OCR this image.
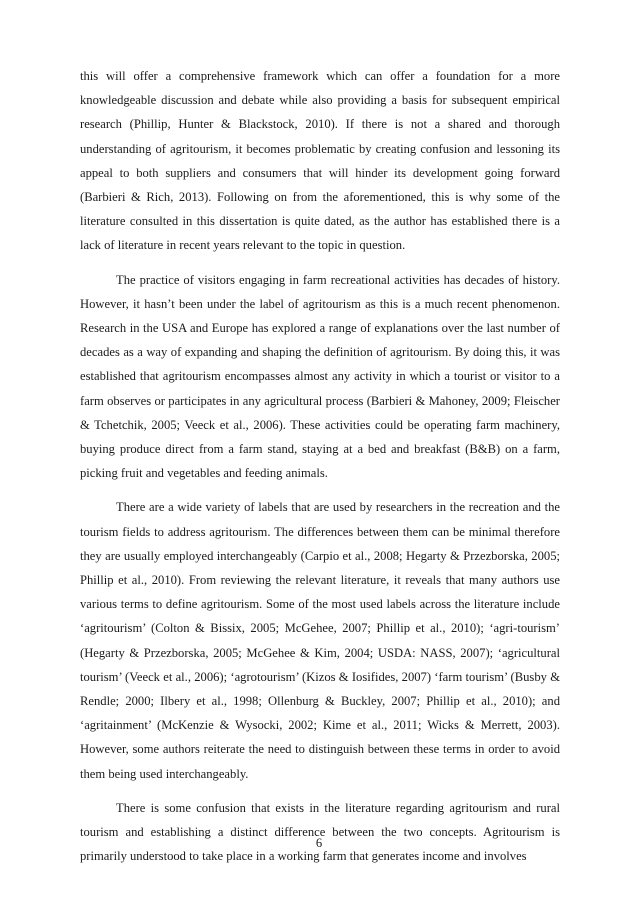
this will offer a comprehensive framework which can offer a foundation for a more knowledgeable discussion and debate while also providing a basis for subsequent empirical research (Phillip, Hunter & Blackstock, 2010). If there is not a shared and thorough understanding of agritourism, it becomes problematic by creating confusion and lessoning its appeal to both suppliers and consumers that will hinder its development going forward (Barbieri & Rich, 2013). Following on from the aforementioned, this is why some of the literature consulted in this dissertation is quite dated, as the author has established there is a lack of literature in recent years relevant to the topic in question.

The practice of visitors engaging in farm recreational activities has decades of history. However, it hasn’t been under the label of agritourism as this is a much recent phenomenon. Research in the USA and Europe has explored a range of explanations over the last number of decades as a way of expanding and shaping the definition of agritourism. By doing this, it was established that agritourism encompasses almost any activity in which a tourist or visitor to a farm observes or participates in any agricultural process (Barbieri & Mahoney, 2009; Fleischer & Tchetchik, 2005; Veeck et al., 2006). These activities could be operating farm machinery, buying produce direct from a farm stand, staying at a bed and breakfast (B&B) on a farm, picking fruit and vegetables and feeding animals.

There are a wide variety of labels that are used by researchers in the recreation and the tourism fields to address agritourism. The differences between them can be minimal therefore they are usually employed interchangeably (Carpio et al., 2008; Hegarty & Przezborska, 2005; Phillip et al., 2010). From reviewing the relevant literature, it reveals that many authors use various terms to define agritourism. Some of the most used labels across the literature include ‘agritourism’ (Colton & Bissix, 2005; McGehee, 2007; Phillip et al., 2010); ‘agri-tourism’ (Hegarty & Przezborska, 2005; McGehee & Kim, 2004; USDA: NASS, 2007); ‘agricultural tourism’ (Veeck et al., 2006); ‘agrotourism’ (Kizos & Iosifides, 2007) ‘farm tourism’ (Busby & Rendle; 2000; Ilbery et al., 1998; Ollenburg & Buckley, 2007; Phillip et al., 2010); and ‘agritainment’ (McKenzie & Wysocki, 2002; Kime et al., 2011; Wicks & Merrett, 2003). However, some authors reiterate the need to distinguish between these terms in order to avoid them being used interchangeably.

There is some confusion that exists in the literature regarding agritourism and rural tourism and establishing a distinct difference between the two concepts. Agritourism is primarily understood to take place in a working farm that generates income and involves

6
